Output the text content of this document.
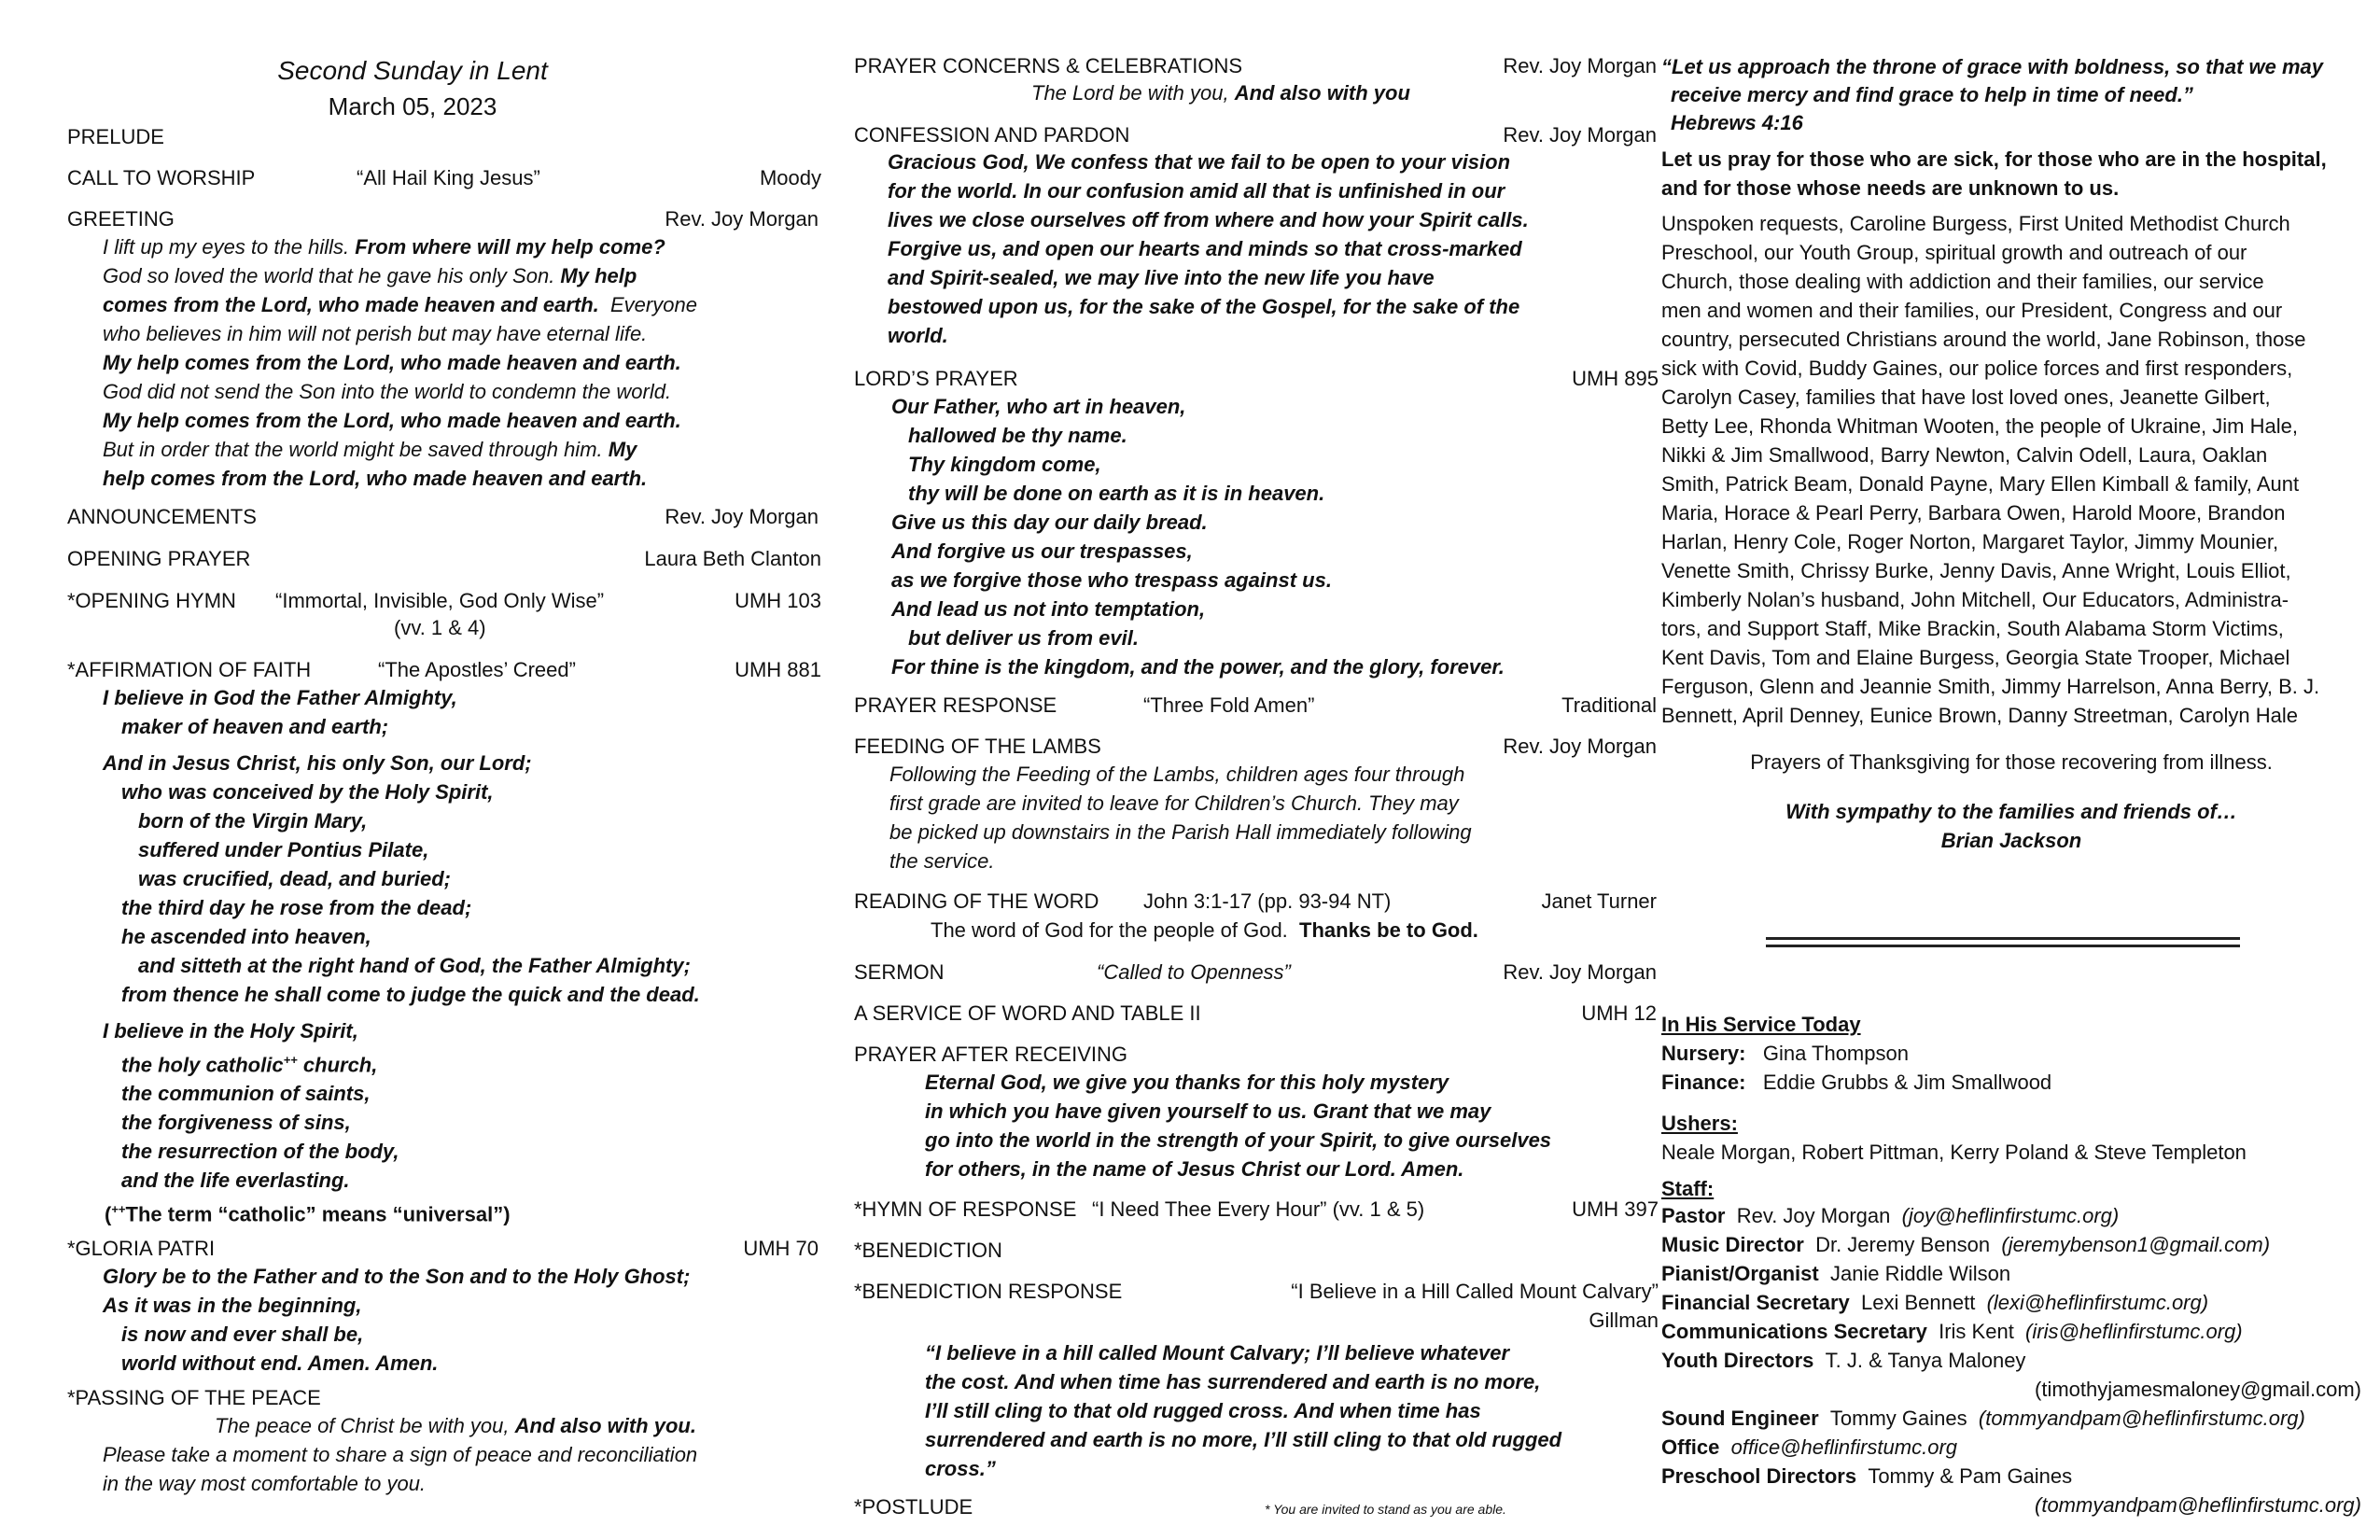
Second Sunday in Lent
March 05, 2023
PRELUDE
CALL TO WORSHIP	“All Hail King Jesus”	Moody
GREETING	Rev. Joy Morgan
I lift up my eyes to the hills. From where will my help come?
God so loved the world that he gave his only Son. My help
comes from the Lord, who made heaven and earth.  Everyone
who believes in him will not perish but may have eternal life.
My help comes from the Lord, who made heaven and earth.
God did not send the Son into the world to condemn the world.
My help comes from the Lord, who made heaven and earth.
But in order that the world might be saved through him. My
help comes from the Lord, who made heaven and earth.
ANNOUNCEMENTS	Rev. Joy Morgan
OPENING PRAYER	Laura Beth Clanton
*OPENING HYMN “Immortal, Invisible, God Only Wise”	UMH 103
(vv. 1 & 4)
*AFFIRMATION OF FAITH	“The Apostles’ Creed”	UMH 881
I believe in God the Father Almighty,
maker of heaven and earth;
And in Jesus Christ, his only Son, our Lord;
who was conceived by the Holy Spirit,
born of the Virgin Mary,
suffered under Pontius Pilate,
was crucified, dead, and buried;
the third day he rose from the dead;
he ascended into heaven,
and sitteth at the right hand of God, the Father Almighty;
from thence he shall come to judge the quick and the dead.
I believe in the Holy Spirit,
the holy catholic++ church,
the communion of saints,
the forgiveness of sins,
the resurrection of the body,
and the life everlasting.
(++The term “catholic” means “universal”)
*GLORIA PATRI	UMH 70
Glory be to the Father and to the Son and to the Holy Ghost;
As it was in the beginning,
is now and ever shall be,
world without end. Amen. Amen.
*PASSING OF THE PEACE
The peace of Christ be with you, And also with you.
Please take a moment to share a sign of peace and reconciliation
in the way most comfortable to you.
PRAYER CONCERNS & CELEBRATIONS	Rev. Joy Morgan
The Lord be with you, And also with you
CONFESSION AND PARDON	Rev. Joy Morgan
Gracious God, We confess that we fail to be open to your vision
for the world. In our confusion amid all that is unfinished in our
lives we close ourselves off from where and how your Spirit calls.
Forgive us, and open our hearts and minds so that cross-marked
and Spirit-sealed, we may live into the new life you have
bestowed upon us, for the sake of the Gospel, for the sake of the
world.
LORD’S PRAYER	UMH 895
Our Father, who art in heaven,
hallowed be thy name.
Thy kingdom come,
thy will be done on earth as it is in heaven.
Give us this day our daily bread.
And forgive us our trespasses,
as we forgive those who trespass against us.
And lead us not into temptation,
but deliver us from evil.
For thine is the kingdom, and the power, and the glory, forever.
PRAYER RESPONSE	“Three Fold Amen”	Traditional
FEEDING OF THE LAMBS	Rev. Joy Morgan
Following the Feeding of the Lambs, children ages four through
first grade are invited to leave for Children’s Church. They may
be picked up downstairs in the Parish Hall immediately following
the service.
READING OF THE WORD John 3:1-17 (pp. 93-94 NT)	Janet Turner
The word of God for the people of God.  Thanks be to God.
SERMON	“Called to Openness”	Rev. Joy Morgan
A SERVICE OF WORD AND TABLE II	UMH 12
PRAYER AFTER RECEIVING
Eternal God, we give you thanks for this holy mystery
in which you have given yourself to us. Grant that we may
go into the world in the strength of your Spirit, to give ourselves
for others, in the name of Jesus Christ our Lord. Amen.
*HYMN OF RESPONSE “I Need Thee Every Hour” (vv. 1 & 5)	UMH 397
*BENEDICTION
*BENEDICTION RESPONSE	“I Believe in a Hill Called Mount Calvary”
Gillman
“I believe in a hill called Mount Calvary; I’ll believe whatever
the cost. And when time has surrendered and earth is no more,
I’ll still cling to that old rugged cross. And when time has
surrendered and earth is no more, I’ll still cling to that old rugged
cross.”
*POSTLUDE	* You are invited to stand as you are able.
“Let us approach the throne of grace with boldness, so that we may
receive mercy and find grace to help in time of need.”
Hebrews 4:16
Let us pray for those who are sick, for those who are in the hospital,
and for those whose needs are unknown to us.
Unspoken requests, Caroline Burgess, First United Methodist Church
Preschool, our Youth Group, spiritual growth and outreach of our
Church, those dealing with addiction and their families, our service
men and women and their families, our President, Congress and our
country, persecuted Christians around the world, Jane Robinson, those
sick with Covid, Buddy Gaines, our police forces and first responders,
Carolyn Casey, families that have lost loved ones, Jeanette Gilbert,
Betty Lee, Rhonda Whitman Wooten, the people of Ukraine, Jim Hale,
Nikki & Jim Smallwood, Barry Newton, Calvin Odell, Laura, Oaklan
Smith, Patrick Beam, Donald Payne, Mary Ellen Kimball & family, Aunt
Maria, Horace & Pearl Perry, Barbara Owen, Harold Moore, Brandon
Harlan, Henry Cole, Roger Norton, Margaret Taylor, Jimmy Mounier,
Venette Smith, Chrissy Burke, Jenny Davis, Anne Wright, Louis Elliot,
Kimberly Nolan’s husband, John Mitchell, Our Educators, Administra-
tors, and Support Staff, Mike Brackin, South Alabama Storm Victims,
Kent Davis, Tom and Elaine Burgess, Georgia State Trooper, Michael
Ferguson, Glenn and Jeannie Smith, Jimmy Harrelson, Anna Berry, B. J.
Bennett, April Denney, Eunice Brown, Danny Streetman, Carolyn Hale
Prayers of Thanksgiving for those recovering from illness.
With sympathy to the families and friends of…
Brian Jackson
In His Service Today
Nursery: Gina Thompson
Finance: Eddie Grubbs & Jim Smallwood
Ushers:
Neale Morgan, Robert Pittman, Kerry Poland & Steve Templeton
Staff:
Pastor Rev. Joy Morgan (joy@heflinfirstumc.org)
Music Director Dr. Jeremy Benson (jeremybenson1@gmail.com)
Pianist/Organist Janie Riddle Wilson
Financial Secretary Lexi Bennett (lexi@heflinfirstumc.org)
Communications Secretary Iris Kent (iris@heflinfirstumc.org)
Youth Directors T. J. & Tanya Maloney
(timothyjamesmaloney@gmail.com)
Sound Engineer Tommy Gaines (tommyandpam@heflinfirstumc.org)
Office office@heflinfirstumc.org
Preschool Directors Tommy & Pam Gaines
(tommyandpam@heflinfirstumc.org)
